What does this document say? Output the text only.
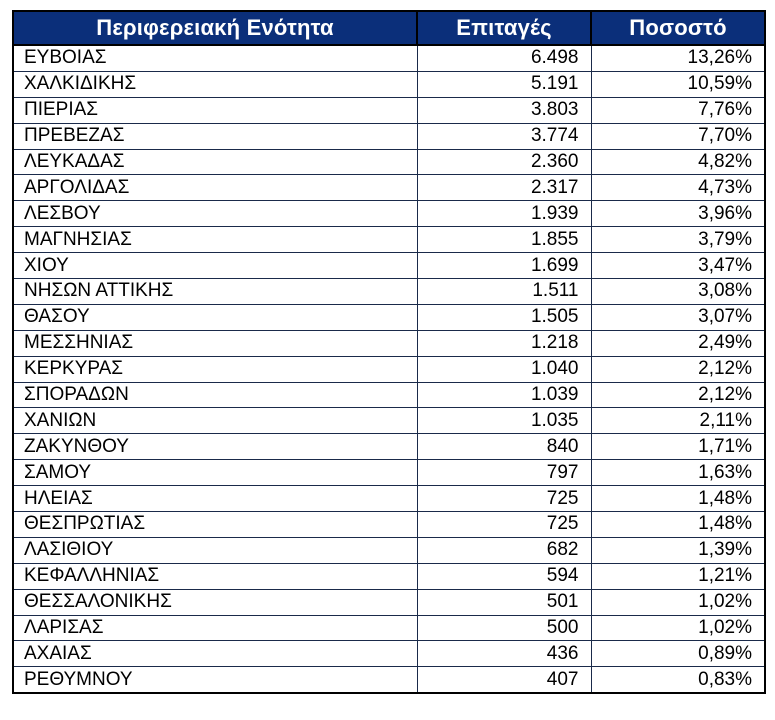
Περιφερειακή Ενότητα	Επιταγές	Ποσοστό
ΕΥΒΟΙΑΣ	6.498	13,26%
ΧΑΛΚΙΔΙΚΗΣ	5.191	10,59%
ΠΙΕΡΙΑΣ	3.803	7,76%
ΠΡΕΒΕΖΑΣ	3.774	7,70%
ΛΕΥΚΑΔΑΣ	2.360	4,82%
ΑΡΓΟΛΙΔΑΣ	2.317	4,73%
ΛΕΣΒΟΥ	1.939	3,96%
ΜΑΓΝΗΣΙΑΣ	1.855	3,79%
ΧΙΟΥ	1.699	3,47%
ΝΗΣΩΝ ΑΤΤΙΚΗΣ	1.511	3,08%
ΘΑΣΟΥ	1.505	3,07%
ΜΕΣΣΗΝΙΑΣ	1.218	2,49%
ΚΕΡΚΥΡΑΣ	1.040	2,12%
ΣΠΟΡΑΔΩΝ	1.039	2,12%
ΧΑΝΙΩΝ	1.035	2,11%
ΖΑΚΥΝΘΟΥ	840	1,71%
ΣΑΜΟΥ	797	1,63%
ΗΛΕΙΑΣ	725	1,48%
ΘΕΣΠΡΩΤΙΑΣ	725	1,48%
ΛΑΣΙΘΙΟΥ	682	1,39%
ΚΕΦΑΛΛΗΝΙΑΣ	594	1,21%
ΘΕΣΣΑΛΟΝΙΚΗΣ	501	1,02%
ΛΑΡΙΣΑΣ	500	1,02%
ΑΧΑΙΑΣ	436	0,89%
ΡΕΘΥΜΝΟΥ	407	0,83%
